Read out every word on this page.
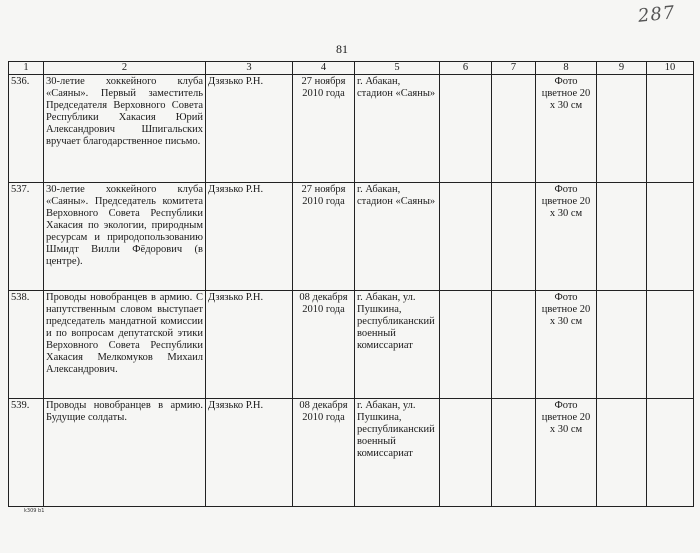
287
81
1	2	3	4	5	6	7	8	9	10
536.	30-летие хоккейного клуба «Саяны». Первый заместитель Председателя Верховного Совета Республики Хакасия Юрий Александрович Шпигальских вручает благодарственное письмо.	Дзязько Р.Н.	27 ноября 2010 года	г. Абакан, стадион «Саяны»			Фото цветное 20 х 30 см		
537.	30-летие хоккейного клуба «Саяны». Председатель комитета Верховного Совета Республики Хакасия по экологии, природным ресурсам и природопользованию Шмидт Вилли Фёдорович (в центре).	Дзязько Р.Н.	27 ноября 2010 года	г. Абакан, стадион «Саяны»			Фото цветное 20 х 30 см		
538.	Проводы новобранцев в армию. С напутственным словом выступает председатель мандатной комиссии и по вопросам депутатской этики Верховного Совета Республики Хакасия Мелкомуков Михаил Александрович.	Дзязько Р.Н.	08 декабря 2010 года	г. Абакан, ул. Пушкина, республиканский военный комиссариат			Фото цветное 20 х 30 см		
539.	Проводы новобранцев в армию. Будущие солдаты.	Дзязько Р.Н.	08 декабря 2010 года	г. Абакан, ул. Пушкина, республиканский военный комиссариат			Фото цветное 20 х 30 см		
k309 b1
